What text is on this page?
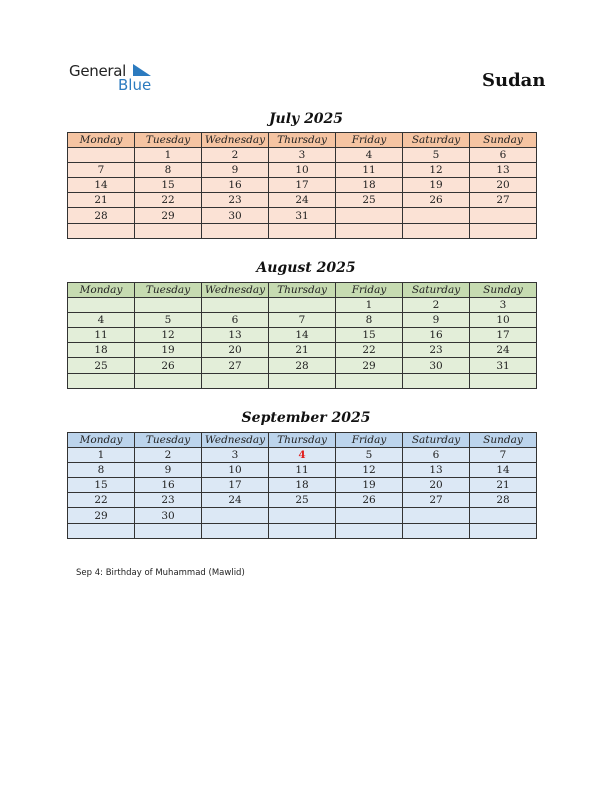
General
Blue	Sudan
July 2025
Monday	Tuesday	Wednesday	Thursday	Friday	Saturday	Sunday
	1	2	3	4	5	6
7	8	9	10	11	12	13
14	15	16	17	18	19	20
21	22	23	24	25	26	27
28	29	30	31			

August 2025
Monday	Tuesday	Wednesday	Thursday	Friday	Saturday	Sunday
				1	2	3
4	5	6	7	8	9	10
11	12	13	14	15	16	17
18	19	20	21	22	23	24
25	26	27	28	29	30	31

September 2025
Monday	Tuesday	Wednesday	Thursday	Friday	Saturday	Sunday
1	2	3	4	5	6	7
8	9	10	11	12	13	14
15	16	17	18	19	20	21
22	23	24	25	26	27	28
29	30					

Sep 4: Birthday of Muhammad (Mawlid)
